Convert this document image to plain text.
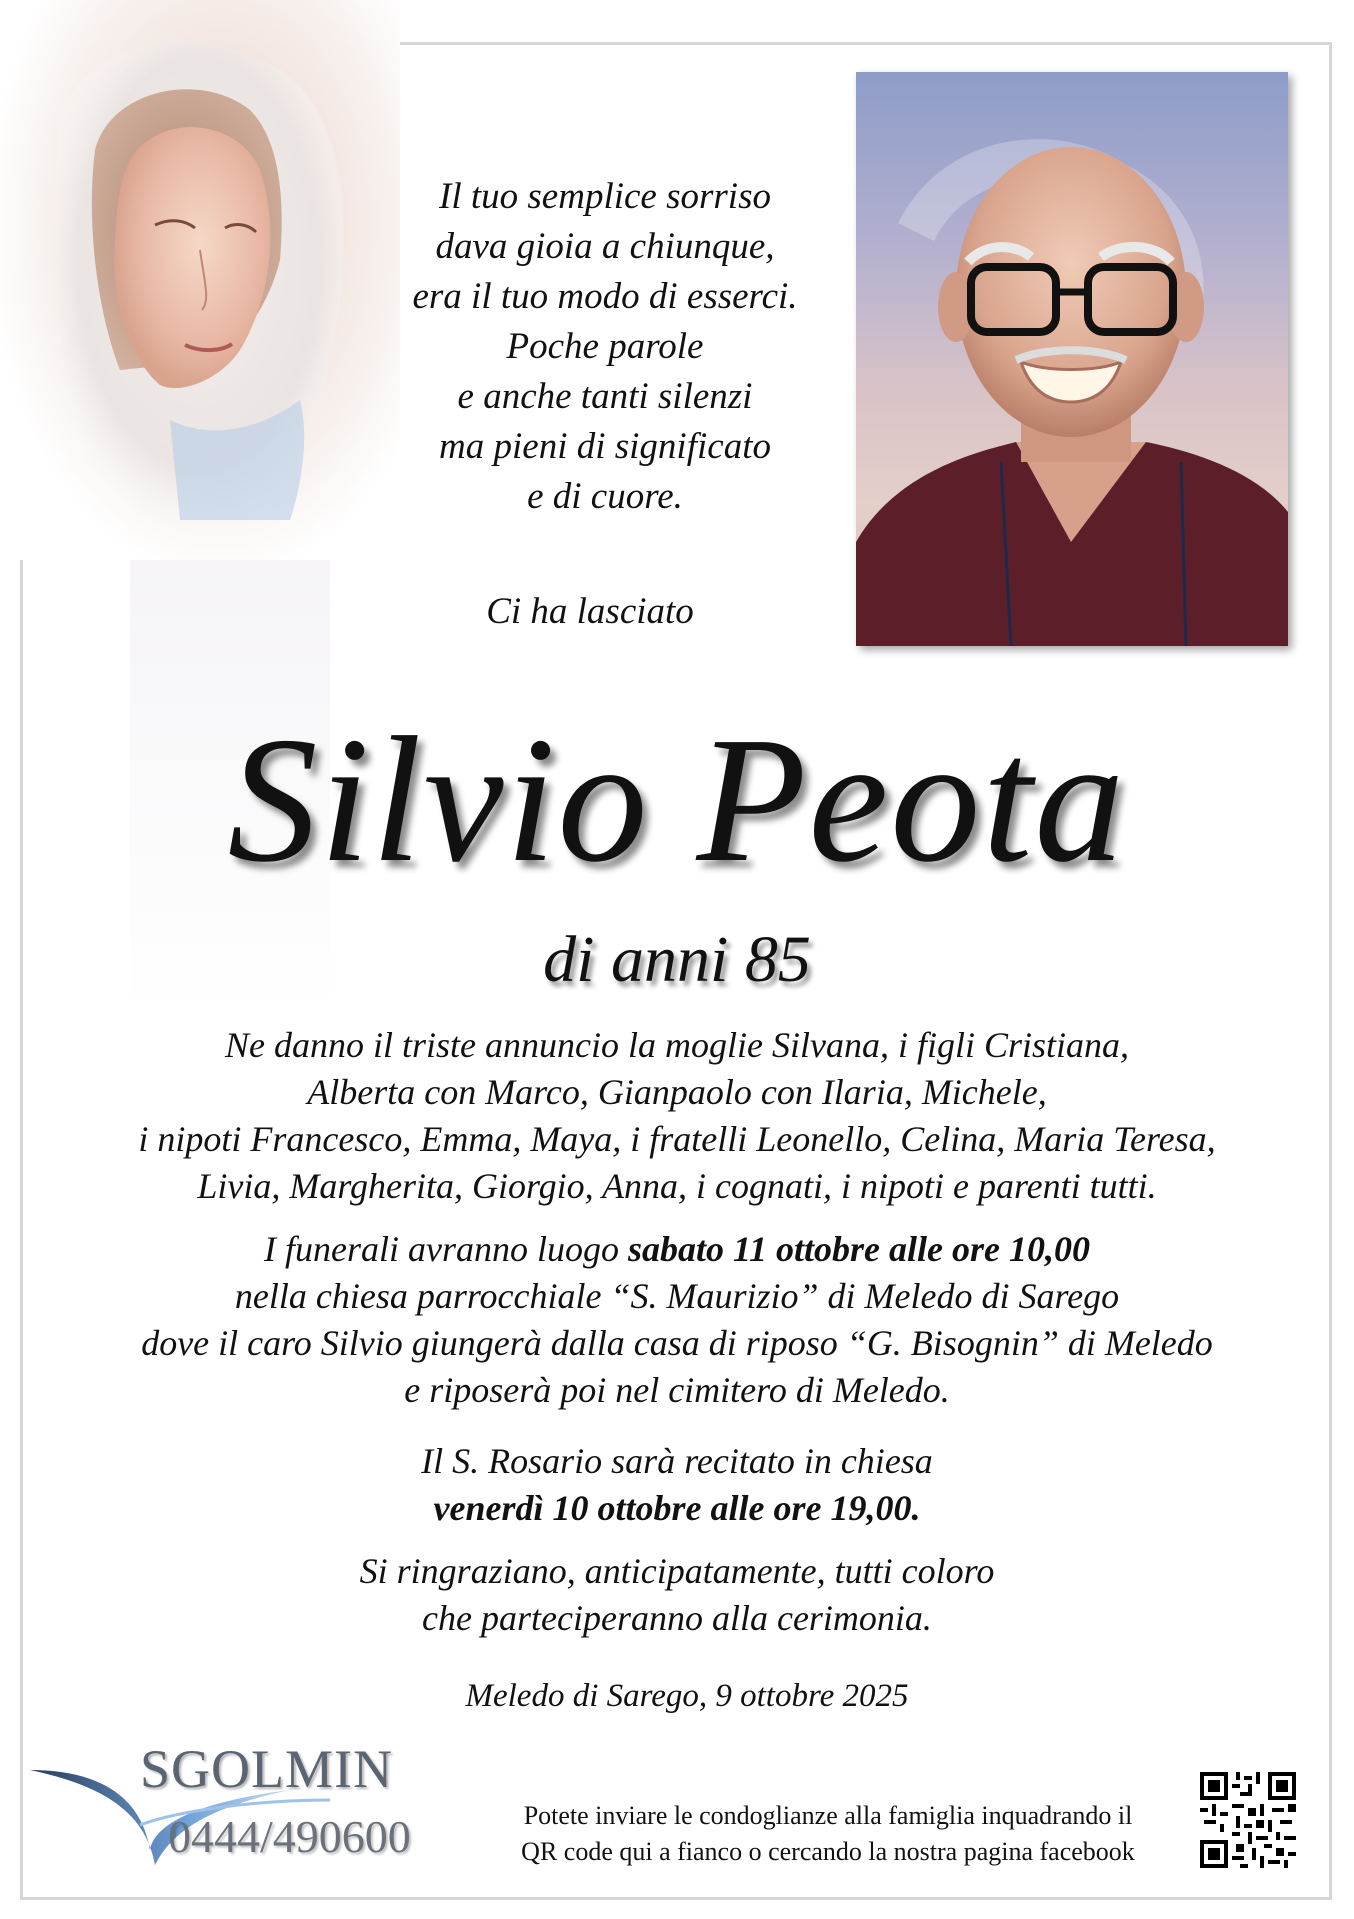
Il tuo semplice sorriso
dava gioia a chiunque,
era il tuo modo di esserci.
Poche parole
e anche tanti silenzi
ma pieni di significato
e di cuore.
Ci ha lasciato
Silvio Peota
di anni 85
Ne danno il triste annuncio la moglie Silvana, i figli Cristiana,
Alberta con Marco, Gianpaolo con Ilaria, Michele,
i nipoti Francesco, Emma, Maya, i fratelli Leonello, Celina, Maria Teresa,
Livia, Margherita, Giorgio, Anna, i cognati, i nipoti e parenti tutti.
I funerali avranno luogo sabato 11 ottobre alle ore 10,00
nella chiesa parrocchiale “S. Maurizio” di Meledo di Sarego
dove il caro Silvio giungerà dalla casa di riposo “G. Bisognin” di Meledo
e riposerà poi nel cimitero di Meledo.
Il S. Rosario sarà recitato in chiesa
venerdì 10 ottobre alle ore 19,00.
Si ringraziano, anticipatamente, tutti coloro
che parteciperanno alla cerimonia.
Meledo di Sarego, 9 ottobre 2025
SGOLMIN
0444/490600	Potete inviare le condoglianze alla famiglia inquadrando il
QR code qui a fianco o cercando la nostra pagina facebook
